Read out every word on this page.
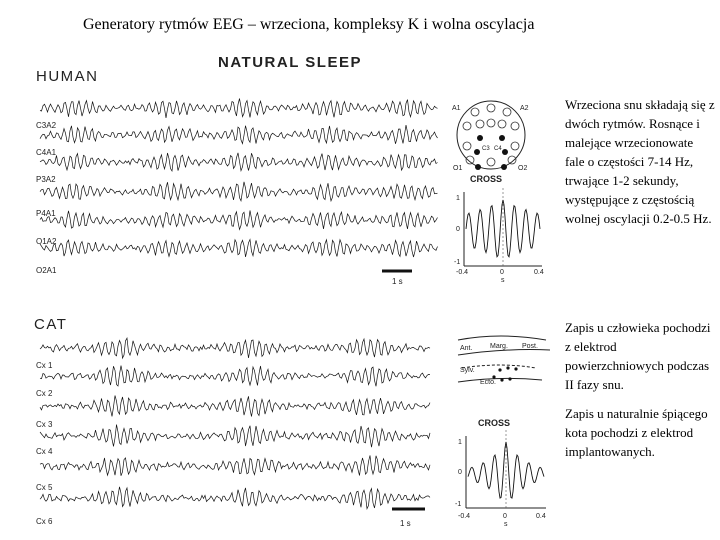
Generatory rytmów EEG – wrzeciona, kompleksy K i wolna oscylacja
NATURAL SLEEP
HUMAN
CAT
C3A2
C4A1
P3A2
P4A1
O1A2
O2A1
Cx 1
Cx 2
Cx 3
Cx 4
Cx 5
Cx 6
1 s
1 s
A1	A2
O1	O2
C3 C4
CROSS
1
0
-1
-0.4	0	0.4
s
Ant.	Marg. Post.
Sylv.
Ecto.
CROSS
1
0
-1
-0.4	0	0.4
s
Wrzeciona snu składają się z dwóch rytmów. Rosnące i malejące wrzecionowate fale o częstości 7-14 Hz, trwające 1-2 sekundy, występujące z częstością wolnej oscylacji 0.2-0.5 Hz.
Zapis u człowieka pochodzi z elektrod powierzchniowych podczas II fazy snu.
Zapis u naturalnie śpiącego kota pochodzi z elektrod implantowanych.
